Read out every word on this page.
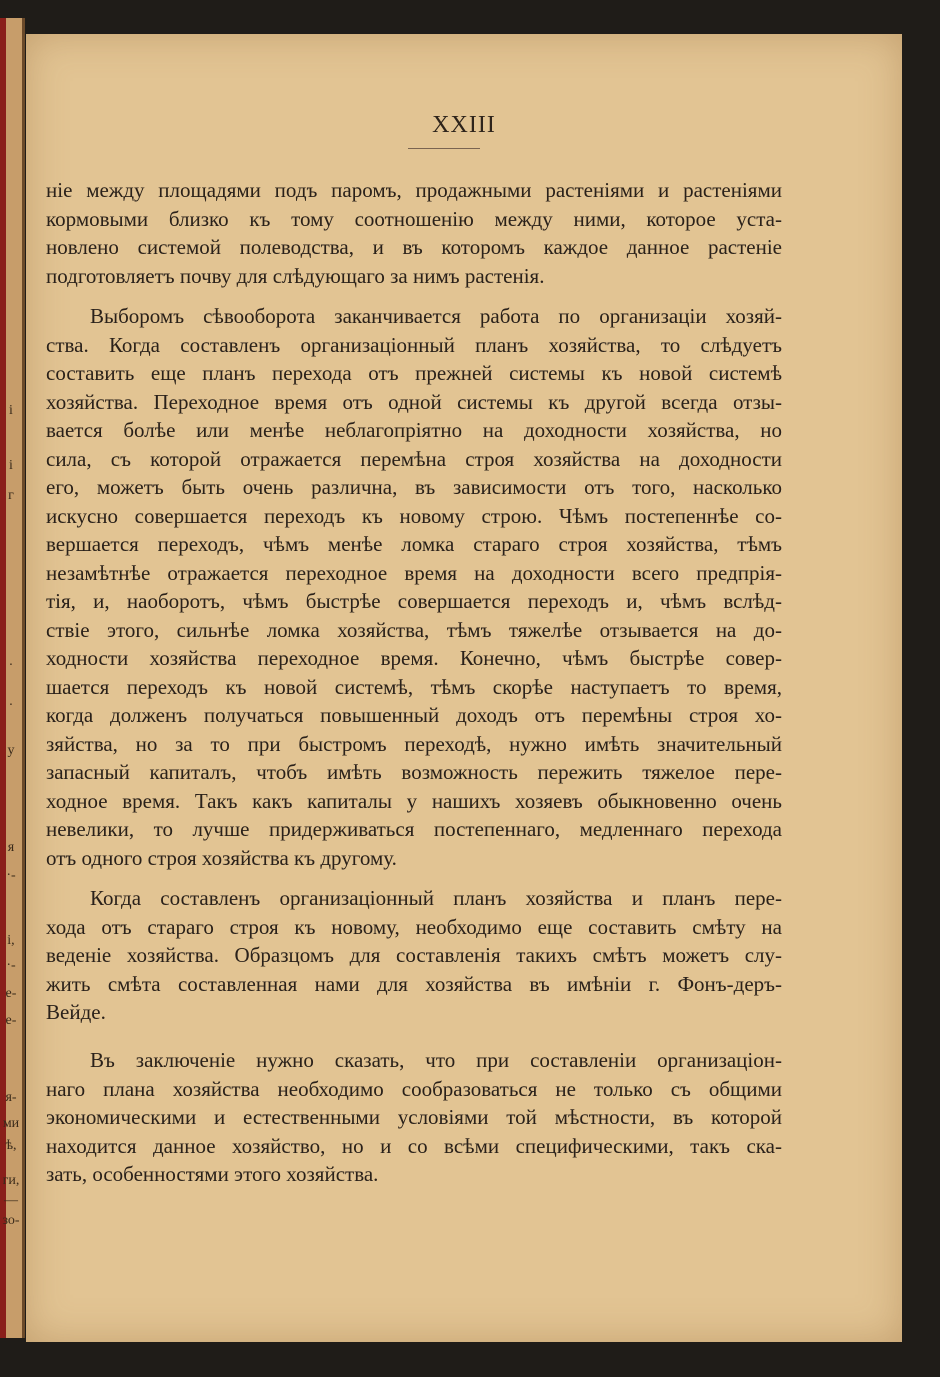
і
і
г
·
·
у
я
·-
і,
·-
е-
е-
я-
ми
ѣ,
ги,
—
зо-
XXIII
ніе между площадями подъ паромъ, продажными растеніями и растеніями
кормовыми близко къ тому соотношенію между ними, которое уста-
новлено системой полеводства, и въ которомъ каждое данное растеніе
подготовляетъ почву для слѣдующаго за нимъ растенія.
Выборомъ сѣвооборота заканчивается работа по организаціи хозяй-
ства. Когда составленъ организаціонный планъ хозяйства, то слѣдуетъ
составить еще планъ перехода отъ прежней системы къ новой системѣ
хозяйства. Переходное время отъ одной системы къ другой всегда отзы-
вается болѣе или менѣе неблагопріятно на доходности хозяйства, но
сила, съ которой отражается перемѣна строя хозяйства на доходности
его, можетъ быть очень различна, въ зависимости отъ того, насколько
искусно совершается переходъ къ новому строю. Чѣмъ постепеннѣе со-
вершается переходъ, чѣмъ менѣе ломка стараго строя хозяйства, тѣмъ
незамѣтнѣе отражается переходное время на доходности всего предпрія-
тія, и, наоборотъ, чѣмъ быстрѣе совершается переходъ и, чѣмъ вслѣд-
ствіе этого, сильнѣе ломка хозяйства, тѣмъ тяжелѣе отзывается на до-
ходности хозяйства переходное время. Конечно, чѣмъ быстрѣе совер-
шается переходъ къ новой системѣ, тѣмъ скорѣе наступаетъ то время,
когда долженъ получаться повышенный доходъ отъ перемѣны строя хо-
зяйства, но за то при быстромъ переходѣ, нужно имѣть значительный
запасный капиталъ, чтобъ имѣть возможность пережить тяжелое пере-
ходное время. Такъ какъ капиталы у нашихъ хозяевъ обыкновенно очень
невелики, то лучше придерживаться постепеннаго, медленнаго перехода
отъ одного строя хозяйства къ другому.
Когда составленъ организаціонный планъ хозяйства и планъ пере-
хода отъ стараго строя къ новому, необходимо еще составить смѣту на
веденіе хозяйства. Образцомъ для составленія такихъ смѣтъ можетъ слу-
жить смѣта составленная нами для хозяйства въ имѣніи г. Фонъ-деръ-
Вейде.
Въ заключеніе нужно сказать, что при составленіи организаціон-
наго плана хозяйства необходимо сообразоваться не только съ общими
экономическими и естественными условіями той мѣстности, въ которой
находится данное хозяйство, но и со всѣми специфическими, такъ ска-
зать, особенностями этого хозяйства.
